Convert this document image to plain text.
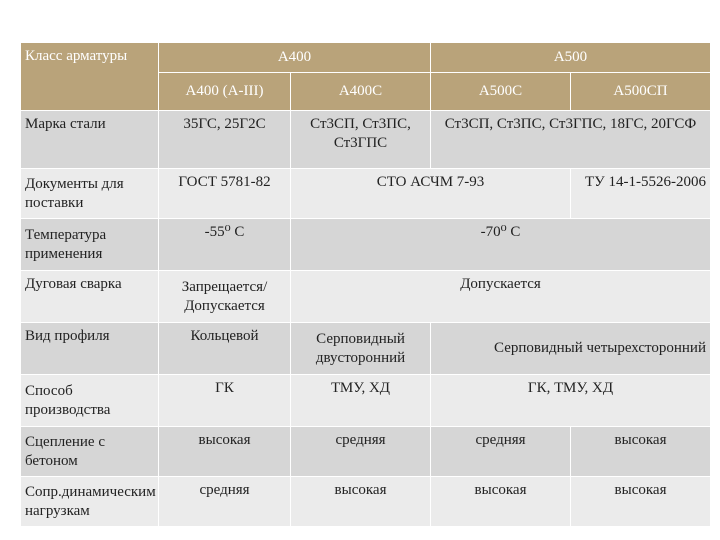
Класс арматуры	А400		А500	
	А400 (А-III)	А400С	А500С	А500СП
Марка стали	35ГС, 25Г2С	Ст3СП, Ст3ПС, Ст3ГПС	Ст3СП, Ст3ПС, Ст3ГПС, 18ГС, 20ГСФ	
Документы для поставки	ГОСТ 5781-82	СТО АСЧМ 7-93		ТУ 14-1-5526-2006
Температура применения	-55⁰ С	-70⁰ С		
Дуговая сварка	Запрещается/ Допускается	Допускается		
Вид профиля	Кольцевой	Серповидный двусторонний	Серповидный четырехсторонний	
Способ производства	ГК	ТМУ, ХД	ГК, ТМУ, ХД	
Сцепление с бетоном	высокая	средняя	средняя	высокая
Сопр.динамическим нагрузкам	средняя	высокая	высокая	высокая
